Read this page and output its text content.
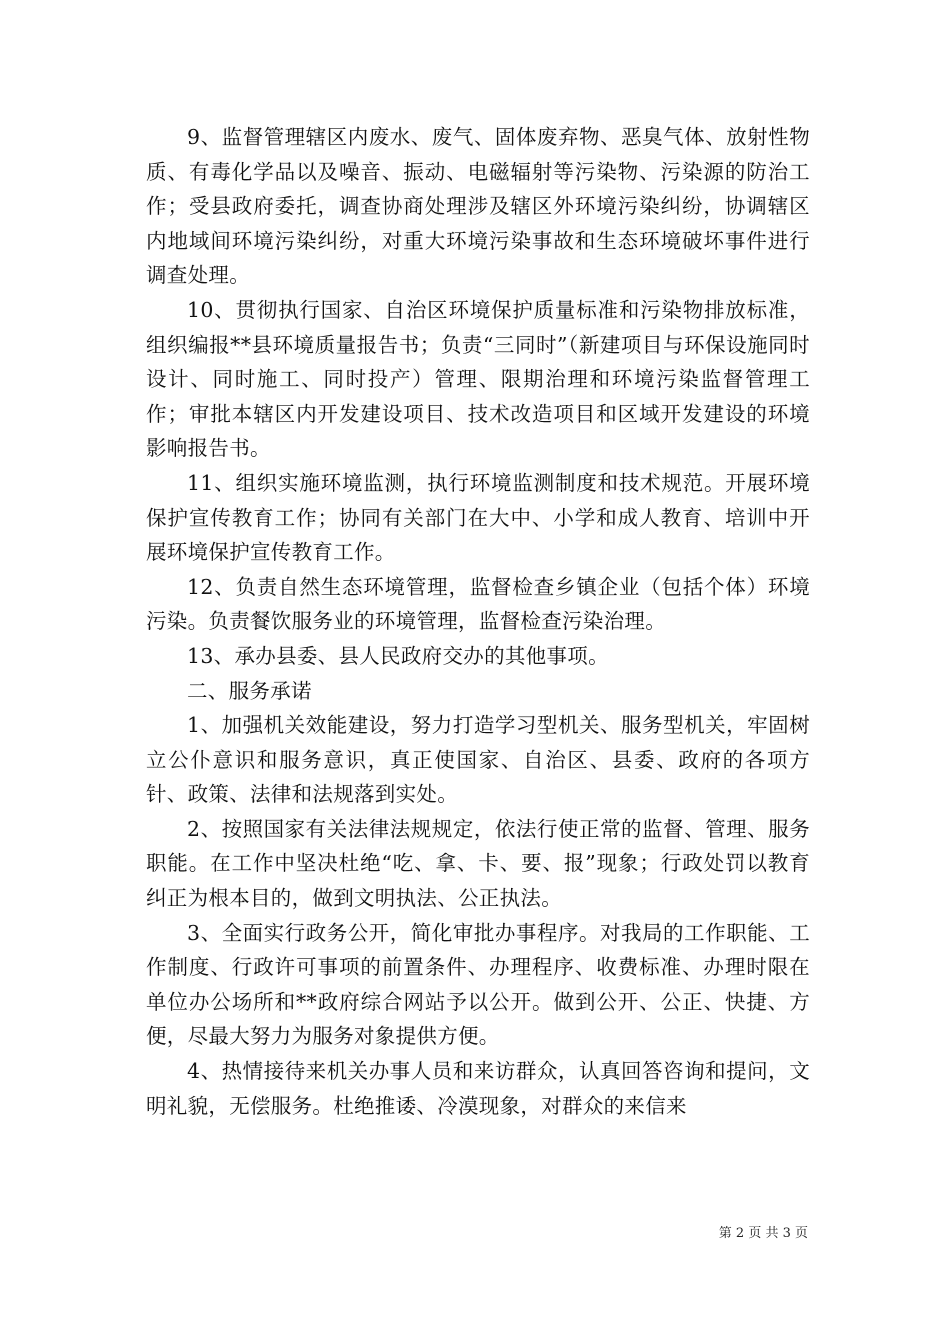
9、监督管理辖区内废水、废气、固体废弃物、恶臭气体、放射性物质、有毒化学品以及噪音、振动、电磁辐射等污染物、污染源的防治工作；受县政府委托，调查协商处理涉及辖区外环境污染纠纷，协调辖区内地域间环境污染纠纷，对重大环境污染事故和生态环境破坏事件进行调查处理。

10、贯彻执行国家、自治区环境保护质量标准和污染物排放标准，组织编报**县环境质量报告书；负责“三同时”（新建项目与环保设施同时设计、同时施工、同时投产）管理、限期治理和环境污染监督管理工作；审批本辖区内开发建设项目、技术改造项目和区域开发建设的环境影响报告书。

11、组织实施环境监测，执行环境监测制度和技术规范。开展环境保护宣传教育工作；协同有关部门在大中、小学和成人教育、培训中开展环境保护宣传教育工作。

12、负责自然生态环境管理，监督检查乡镇企业（包括个体）环境污染。负责餐饮服务业的环境管理，监督检查污染治理。

13、承办县委、县人民政府交办的其他事项。

二、服务承诺

1、加强机关效能建设，努力打造学习型机关、服务型机关，牢固树立公仆意识和服务意识，真正使国家、自治区、县委、政府的各项方针、政策、法律和法规落到实处。

2、按照国家有关法律法规规定，依法行使正常的监督、管理、服务职能。在工作中坚决杜绝“吃、拿、卡、要、报”现象；行政处罚以教育纠正为根本目的，做到文明执法、公正执法。

3、全面实行政务公开，简化审批办事程序。对我局的工作职能、工作制度、行政许可事项的前置条件、办理程序、收费标准、办理时限在单位办公场所和**政府综合网站予以公开。做到公开、公正、快捷、方便，尽最大努力为服务对象提供方便。

4、热情接待来机关办事人员和来访群众，认真回答咨询和提问，文明礼貌，无偿服务。杜绝推诿、冷漠现象，对群众的来信来

第 2 页 共 3 页
